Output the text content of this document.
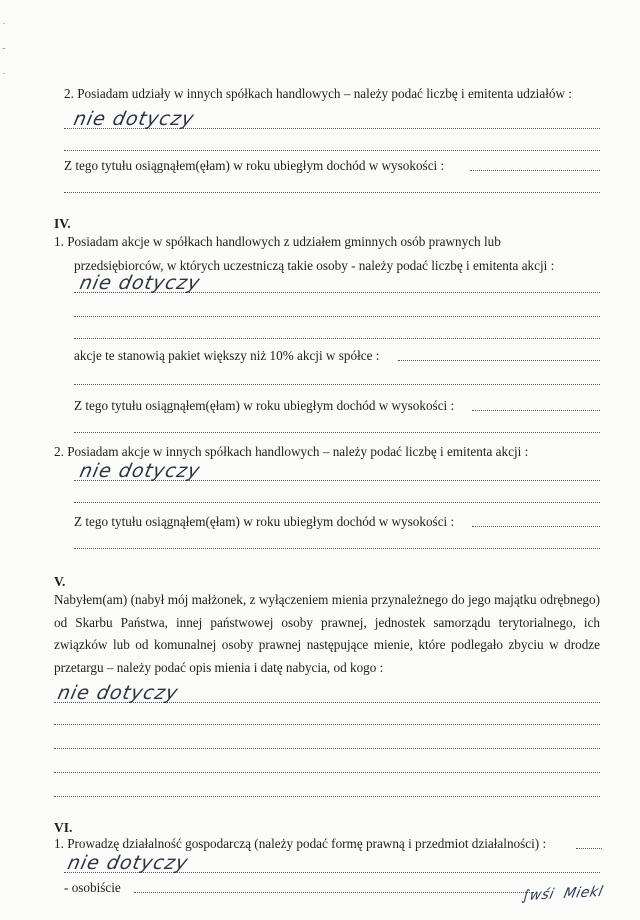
·
-
·
2. Posiadam udziały w innych spółkach handlowych – należy podać liczbę i emitenta udziałów :
nie dotyczy
Z tego tytułu osiągnąłem(ęłam) w roku ubiegłym dochód w wysokości :
IV.
1. Posiadam akcje w spółkach handlowych z udziałem gminnych osób prawnych lub
przedsiębiorców, w których uczestniczą takie osoby - należy podać liczbę i emitenta akcji :
nie dotyczy
akcje te stanowią pakiet większy niż 10% akcji w spółce :
Z tego tytułu osiągnąłem(ęłam) w roku ubiegłym dochód w wysokości :
2. Posiadam akcje w innych spółkach handlowych – należy podać liczbę i emitenta akcji :
nie dotyczy
Z tego tytułu osiągnąłem(ęłam) w roku ubiegłym dochód w wysokości :
V.
Nabyłem(am) (nabył mój małżonek, z wyłączeniem mienia przynależnego do jego majątku odrębnego) od Skarbu Państwa, innej państwowej osoby prawnej, jednostek samorządu terytorialnego, ich związków lub od komunalnej osoby prawnej następujące mienie, które podlegało zbyciu w drodze przetargu – należy podać opis mienia i datę nabycia, od kogo :
nie dotyczy
VI.
1. Prowadzę działalność gospodarczą (należy podać formę prawną i przedmiot działalności) :
nie dotyczy
- osobiście	∫wśi  Miekl
